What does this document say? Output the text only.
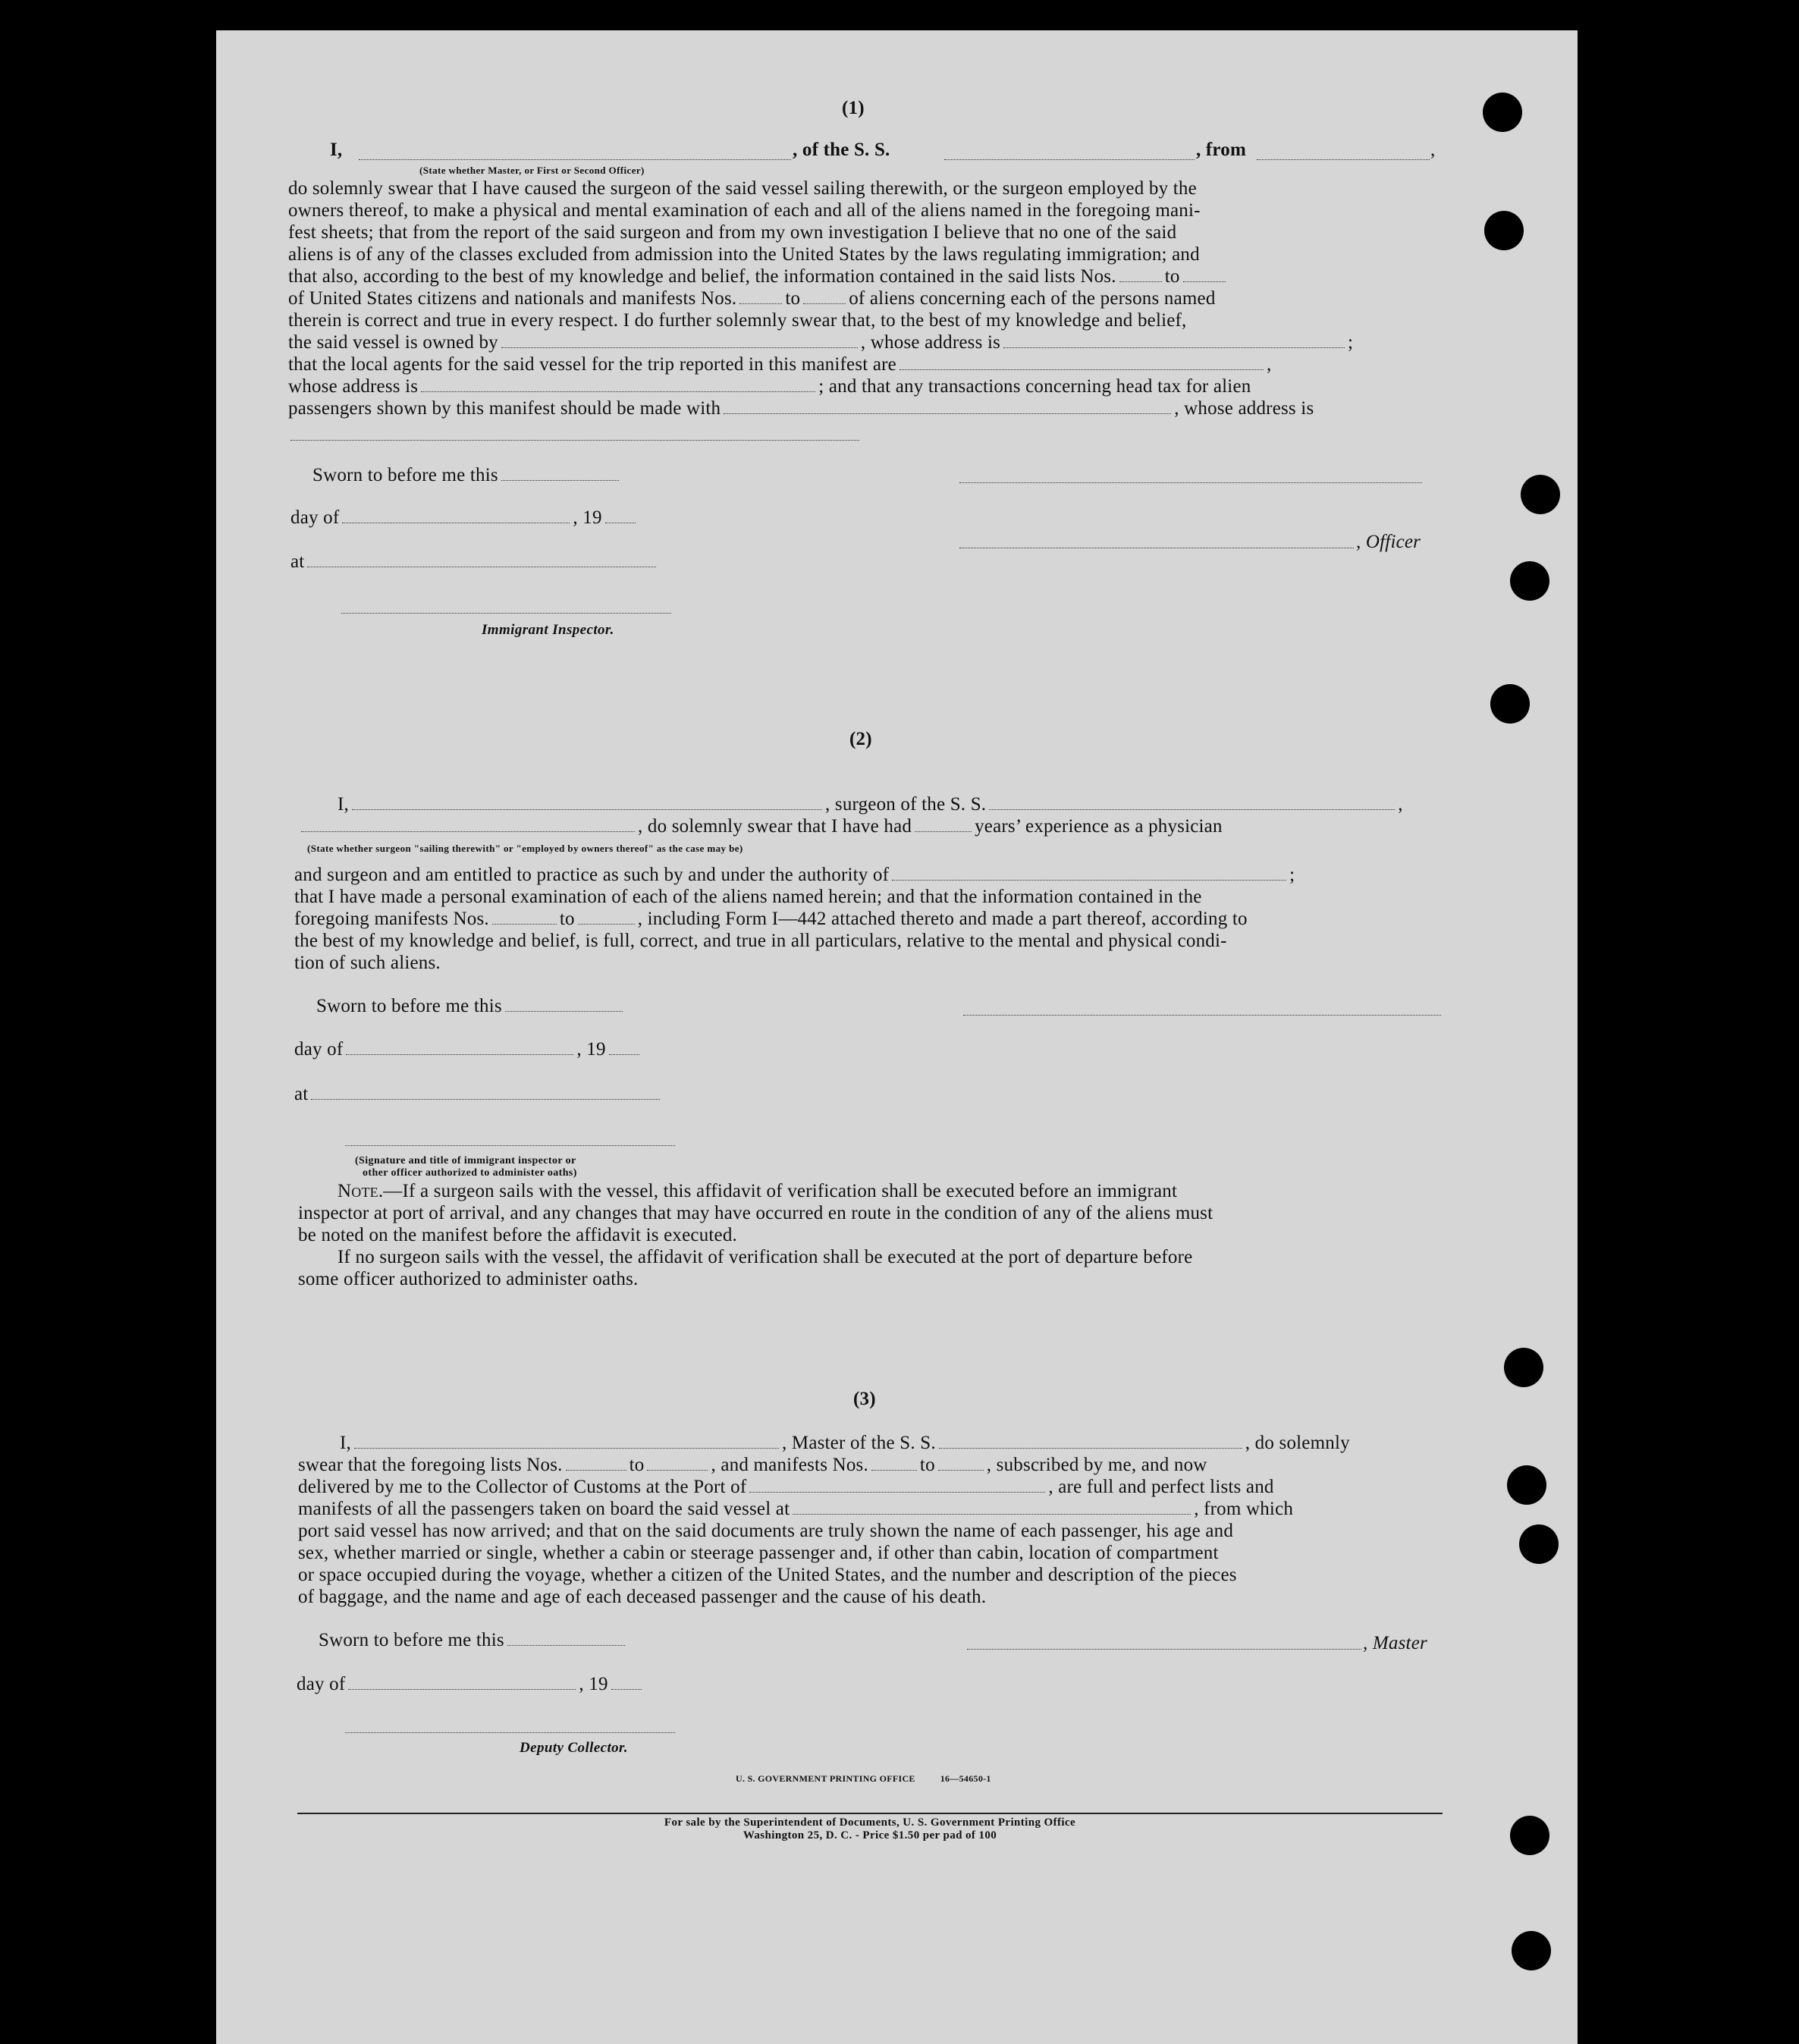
(1)
I,	, of the S. S.	, from	,
(State whether Master, or First or Second Officer)
do solemnly swear that I have caused the surgeon of the said vessel sailing therewith, or the surgeon employed by the
owners thereof, to make a physical and mental examination of each and all of the aliens named in the foregoing mani-
fest sheets; that from the report of the said surgeon and from my own investigation I believe that no one of the said
aliens is of any of the classes excluded from admission into the United States by the laws regulating immigration; and
that also, according to the best of my knowledge and belief, the information contained in the said lists Nos.	to
of United States citizens and nationals and manifests Nos.	to	of aliens concerning each of the persons named
therein is correct and true in every respect. I do further solemnly swear that, to the best of my knowledge and belief,
the said vessel is owned by	, whose address is	;
that the local agents for the said vessel for the trip reported in this manifest are	,
whose address is	; and that any transactions concerning head tax for alien
passengers shown by this manifest should be made with	, whose address is
Sworn to before me this
day of	, 19
, Officer
at
Immigrant Inspector.
(2)
I,	, surgeon of the S. S.	,
, do solemnly swear that I have had	years’ experience as a physician
(State whether surgeon "sailing therewith" or "employed by owners thereof" as the case may be)
and surgeon and am entitled to practice as such by and under the authority of	;
that I have made a personal examination of each of the aliens named herein; and that the information contained in the
foregoing manifests Nos.	to	, including Form I—442 attached thereto and made a part thereof, according to
the best of my knowledge and belief, is full, correct, and true in all particulars, relative to the mental and physical condi-
tion of such aliens.
Sworn to before me this
day of	, 19
at
(Signature and title of immigrant inspector or
other officer authorized to administer oaths)
Note.—If a surgeon sails with the vessel, this affidavit of verification shall be executed before an immigrant
inspector at port of arrival, and any changes that may have occurred en route in the condition of any of the aliens must
be noted on the manifest before the affidavit is executed.
If no surgeon sails with the vessel, the affidavit of verification shall be executed at the port of departure before
some officer authorized to administer oaths.
(3)
I,	, Master of the S. S.	, do solemnly
swear that the foregoing lists Nos.	to	, and manifests Nos.	to	, subscribed by me, and now
delivered by me to the Collector of Customs at the Port of	, are full and perfect lists and
manifests of all the passengers taken on board the said vessel at	, from which
port said vessel has now arrived; and that on the said documents are truly shown the name of each passenger, his age and
sex, whether married or single, whether a cabin or steerage passenger and, if other than cabin, location of compartment
or space occupied during the voyage, whether a citizen of the United States, and the number and description of the pieces
of baggage, and the name and age of each deceased passenger and the cause of his death.
Sworn to before me this	, Master
day of	, 19
Deputy Collector.
U. S. GOVERNMENT PRINTING OFFICE          16—54650-1
For sale by the Superintendent of Documents, U. S. Government Printing Office
Washington 25, D. C. - Price $1.50 per pad of 100
